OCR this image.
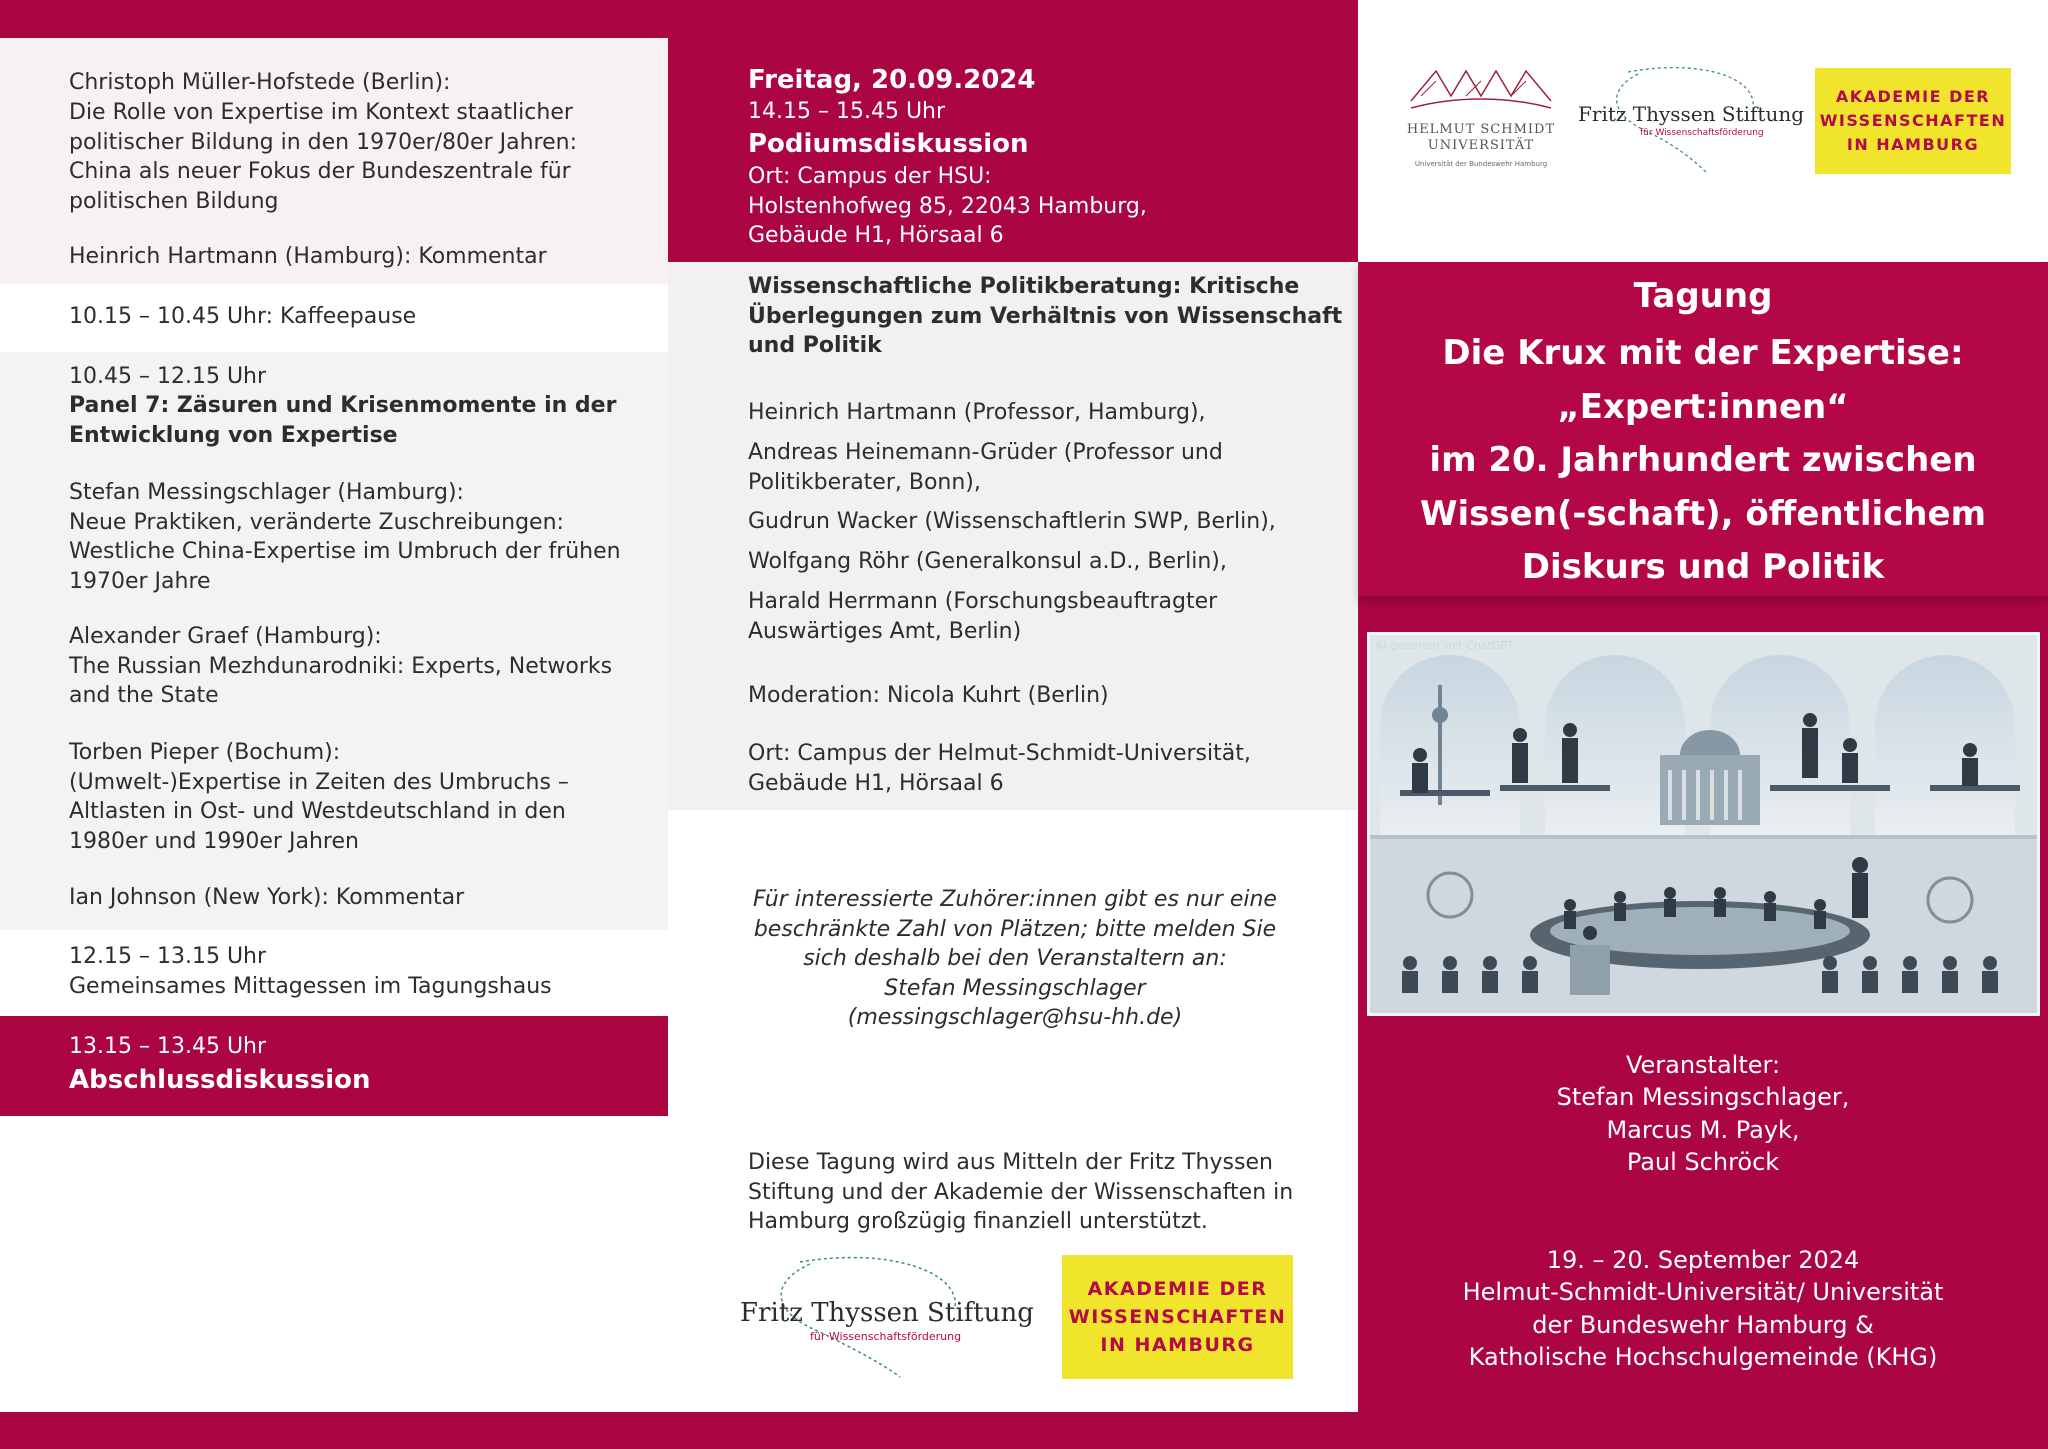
Christoph Müller-Hofstede (Berlin):
Die Rolle von Expertise im Kontext staatlicher
politischer Bildung in den 1970er/80er Jahren:
China als neuer Fokus der Bundeszentrale für
politischen Bildung
Heinrich Hartmann (Hamburg): Kommentar
10.15 – 10.45 Uhr: Kaffeepause
10.45 – 12.15 Uhr
Panel 7: Zäsuren und Krisenmomente in der
Entwicklung von Expertise
Stefan Messingschlager (Hamburg):
Neue Praktiken, veränderte Zuschreibungen:
Westliche China-Expertise im Umbruch der frühen
1970er Jahre
Alexander Graef (Hamburg):
The Russian Mezhdunarodniki: Experts, Networks
and the State
Torben Pieper (Bochum):
(Umwelt-)Expertise in Zeiten des Umbruchs –
Altlasten in Ost- und Westdeutschland in den
1980er und 1990er Jahren
Ian Johnson (New York): Kommentar
12.15 – 13.15 Uhr
Gemeinsames Mittagessen im Tagungshaus
13.15 – 13.45 Uhr
Abschlussdiskussion
Freitag, 20.09.2024
14.15 – 15.45 Uhr
Podiumsdiskussion
Ort: Campus der HSU:
Holstenhofweg 85, 22043 Hamburg,
Gebäude H1, Hörsaal 6
Wissenschaftliche Politikberatung: Kritische
Überlegungen zum Verhältnis von Wissenschaft
und Politik
Heinrich Hartmann (Professor, Hamburg),
Andreas Heinemann-Grüder (Professor und
Politikberater, Bonn),
Gudrun Wacker (Wissenschaftlerin SWP, Berlin),
Wolfgang Röhr (Generalkonsul a.D., Berlin),
Harald Herrmann (Forschungsbeauftragter
Auswärtiges Amt, Berlin)
Moderation: Nicola Kuhrt (Berlin)
Ort: Campus der Helmut-Schmidt-Universität,
Gebäude H1, Hörsaal 6
Für interessierte Zuhörer:innen gibt es nur eine
beschränkte Zahl von Plätzen; bitte melden Sie
sich deshalb bei den Veranstaltern an:
Stefan Messingschlager
(messingschlager@hsu-hh.de)
Diese Tagung wird aus Mitteln der Fritz Thyssen
Stiftung und der Akademie der Wissenschaften in
Hamburg großzügig finanziell unterstützt.
Fritz Thyssen Stiftung
für Wissenschaftsförderung
AKADEMIE DER
WISSENSCHAFTEN
IN HAMBURG
HELMUT SCHMIDT
UNIVERSITÄT
Universität der Bundeswehr Hamburg
Fritz Thyssen Stiftung
für Wissenschaftsförderung
AKADEMIE DER
WISSENSCHAFTEN
IN HAMBURG
Tagung
Die Krux mit der Expertise:
„Expert:innen“
im 20. Jahrhundert zwischen
Wissen(-schaft), öffentlichem
Diskurs und Politik
KI-generiert mit ChatGPT
Veranstalter:
Stefan Messingschlager,
Marcus M. Payk,
Paul Schröck
19. – 20. September 2024
Helmut-Schmidt-Universität/ Universität
der Bundeswehr Hamburg &
Katholische Hochschulgemeinde (KHG)
